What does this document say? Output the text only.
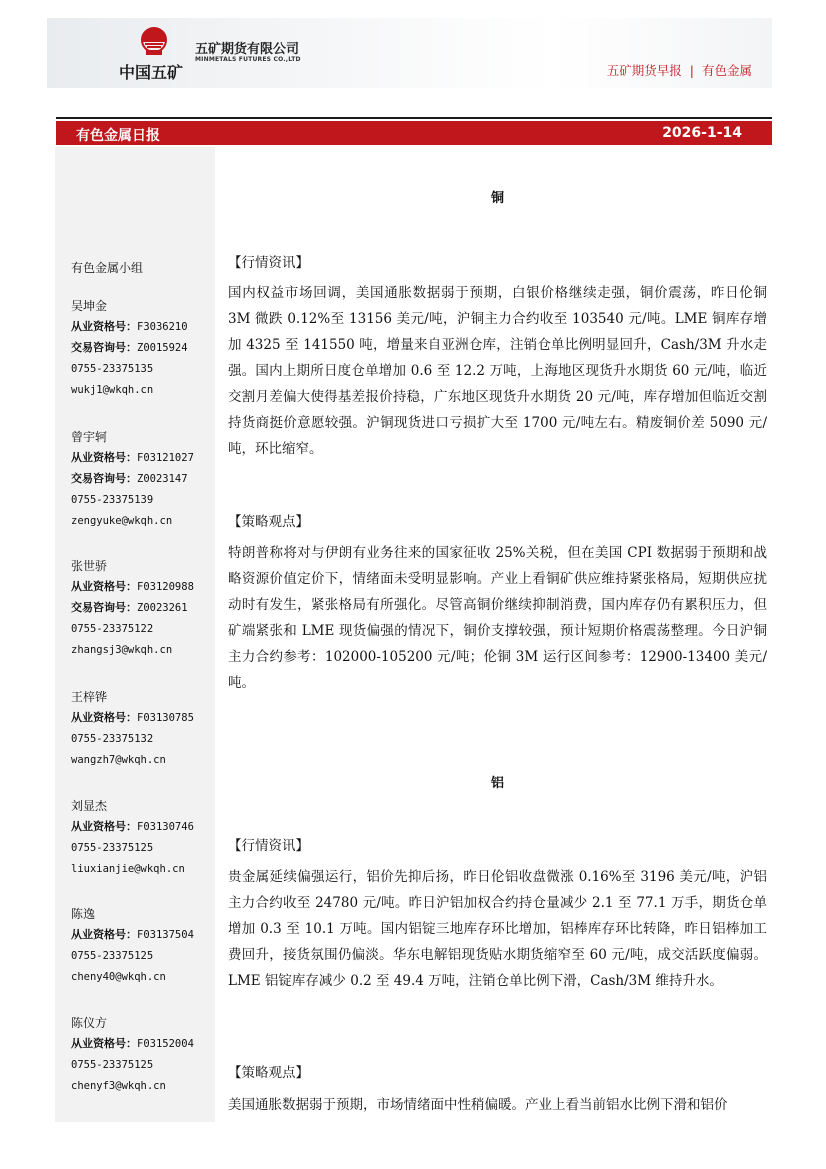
中国五矿
五矿期货有限公司
MINMETALS FUTURES CO.,LTD
五矿期货早报 | 有色金属
有色金属日报	2026-1-14
有色金属小组
吴坤金
从业资格号：F3036210
交易咨询号：Z0015924
0755-23375135
wukj1@wkqh.cn
曾宇轲
从业资格号：F03121027
交易咨询号：Z0023147
0755-23375139
zengyuke@wkqh.cn
张世骄
从业资格号：F03120988
交易咨询号：Z0023261
0755-23375122
zhangsj3@wkqh.cn
王梓铧
从业资格号：F03130785
0755-23375132
wangzh7@wkqh.cn
刘显杰
从业资格号：F03130746
0755-23375125
liuxianjie@wkqh.cn
陈逸
从业资格号：F03137504
0755-23375125
cheny40@wkqh.cn
陈仪方
从业资格号：F03152004
0755-23375125
chenyf3@wkqh.cn
铜
【行情资讯】
国内权益市场回调，美国通胀数据弱于预期，白银价格继续走强，铜价震荡，昨日伦铜 3M 微跌 0.12%至 13156 美元/吨，沪铜主力合约收至 103540 元/吨。LME 铜库存增加 4325 至 141550 吨，增量来自亚洲仓库，注销仓单比例明显回升，Cash/3M 升水走强。国内上期所日度仓单增加 0.6 至 12.2 万吨，上海地区现货升水期货 60 元/吨，临近交割月差偏大使得基差报价持稳，广东地区现货升水期货 20 元/吨，库存增加但临近交割持货商挺价意愿较强。沪铜现货进口亏损扩大至 1700 元/吨左右。精废铜价差 5090 元/吨，环比缩窄。
【策略观点】
特朗普称将对与伊朗有业务往来的国家征收 25%关税，但在美国 CPI 数据弱于预期和战略资源价值定价下，情绪面未受明显影响。产业上看铜矿供应维持紧张格局，短期供应扰动时有发生，紧张格局有所强化。尽管高铜价继续抑制消费，国内库存仍有累积压力，但矿端紧张和 LME 现货偏强的情况下，铜价支撑较强，预计短期价格震荡整理。今日沪铜主力合约参考：102000-105200 元/吨；伦铜 3M 运行区间参考：12900-13400 美元/吨。
铝
【行情资讯】
贵金属延续偏强运行，铝价先抑后扬，昨日伦铝收盘微涨 0.16%至 3196 美元/吨，沪铝主力合约收至 24780 元/吨。昨日沪铝加权合约持仓量减少 2.1 至 77.1 万手，期货仓单增加 0.3 至 10.1 万吨。国内铝锭三地库存环比增加，铝棒库存环比转降，昨日铝棒加工费回升，接货氛围仍偏淡。华东电解铝现货贴水期货缩窄至 60 元/吨，成交活跃度偏弱。LME 铝锭库存减少 0.2 至 49.4 万吨，注销仓单比例下滑，Cash/3M 维持升水。
【策略观点】
美国通胀数据弱于预期，市场情绪面中性稍偏暖。产业上看当前铝水比例下滑和铝价
